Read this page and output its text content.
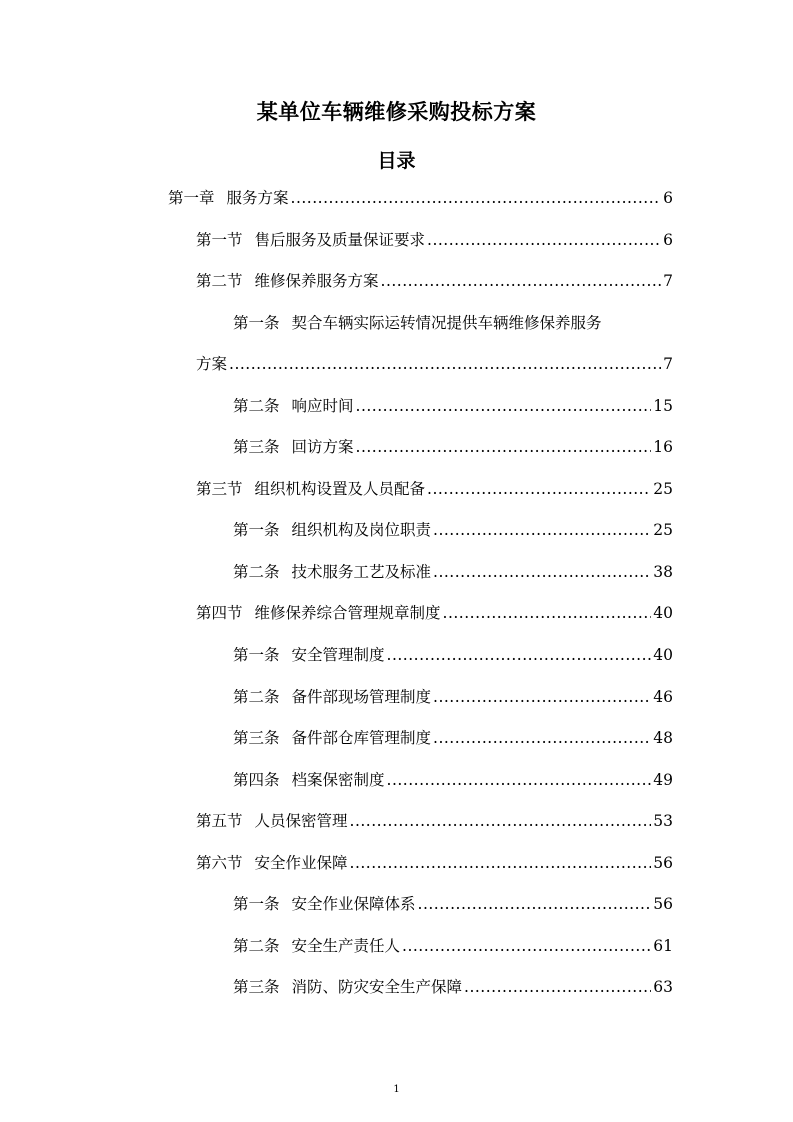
某单位车辆维修采购投标方案
目录
第一章 服务方案 .....	6
第一节 售后服务及质量保证要求 .....	6
第二节 维修保养服务方案 .....	7
第一条 契合车辆实际运转情况提供车辆维修保养服务
方案 .....	7
第二条 响应时间 .....	15
第三条 回访方案 .....	16
第三节 组织机构设置及人员配备 .....	25
第一条 组织机构及岗位职责 .....	25
第二条 技术服务工艺及标准 .....	38
第四节 维修保养综合管理规章制度 .....	40
第一条 安全管理制度 .....	40
第二条 备件部现场管理制度 .....	46
第三条 备件部仓库管理制度 .....	48
第四条 档案保密制度 .....	49
第五节 人员保密管理 .....	53
第六节 安全作业保障 .....	56
第一条 安全作业保障体系 .....	56
第二条 安全生产责任人 .....	61
第三条 消防、防灾安全生产保障 .....	63
1
